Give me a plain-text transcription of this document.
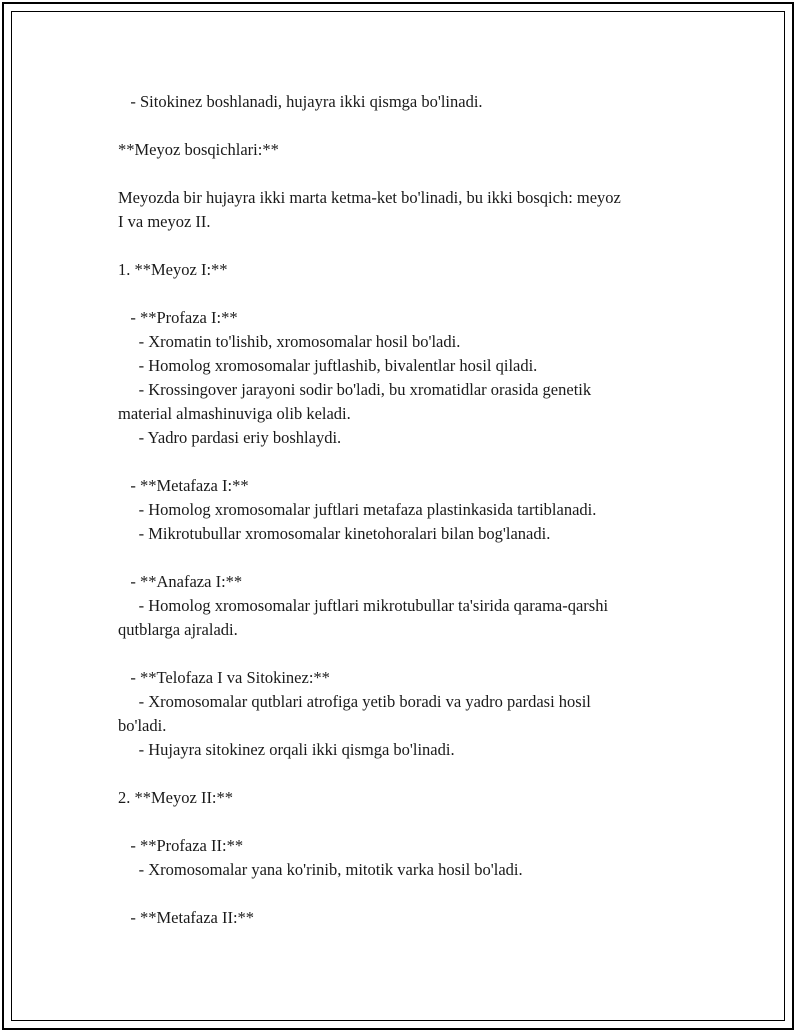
- Sitokinez boshlanadi, hujayra ikki qismga bo'linadi.
**Meyoz bosqichlari:**
Meyozda bir hujayra ikki marta ketma-ket bo'linadi, bu ikki bosqich: meyoz
I va meyoz II.
1. **Meyoz I:**
- **Profaza I:**
- Xromatin to'lishib, xromosomalar hosil bo'ladi.
- Homolog xromosomalar juftlashib, bivalentlar hosil qiladi.
- Krossingover jarayoni sodir bo'ladi, bu xromatidlar orasida genetik
material almashinuviga olib keladi.
- Yadro pardasi eriy boshlaydi.
- **Metafaza I:**
- Homolog xromosomalar juftlari metafaza plastinkasida tartiblanadi.
- Mikrotubullar xromosomalar kinetohoralari bilan bog'lanadi.
- **Anafaza I:**
- Homolog xromosomalar juftlari mikrotubullar ta'sirida qarama-qarshi
qutblarga ajraladi.
- **Telofaza I va Sitokinez:**
- Xromosomalar qutblari atrofiga yetib boradi va yadro pardasi hosil
bo'ladi.
- Hujayra sitokinez orqali ikki qismga bo'linadi.
2. **Meyoz II:**
- **Profaza II:**
- Xromosomalar yana ko'rinib, mitotik varka hosil bo'ladi.
- **Metafaza II:**
